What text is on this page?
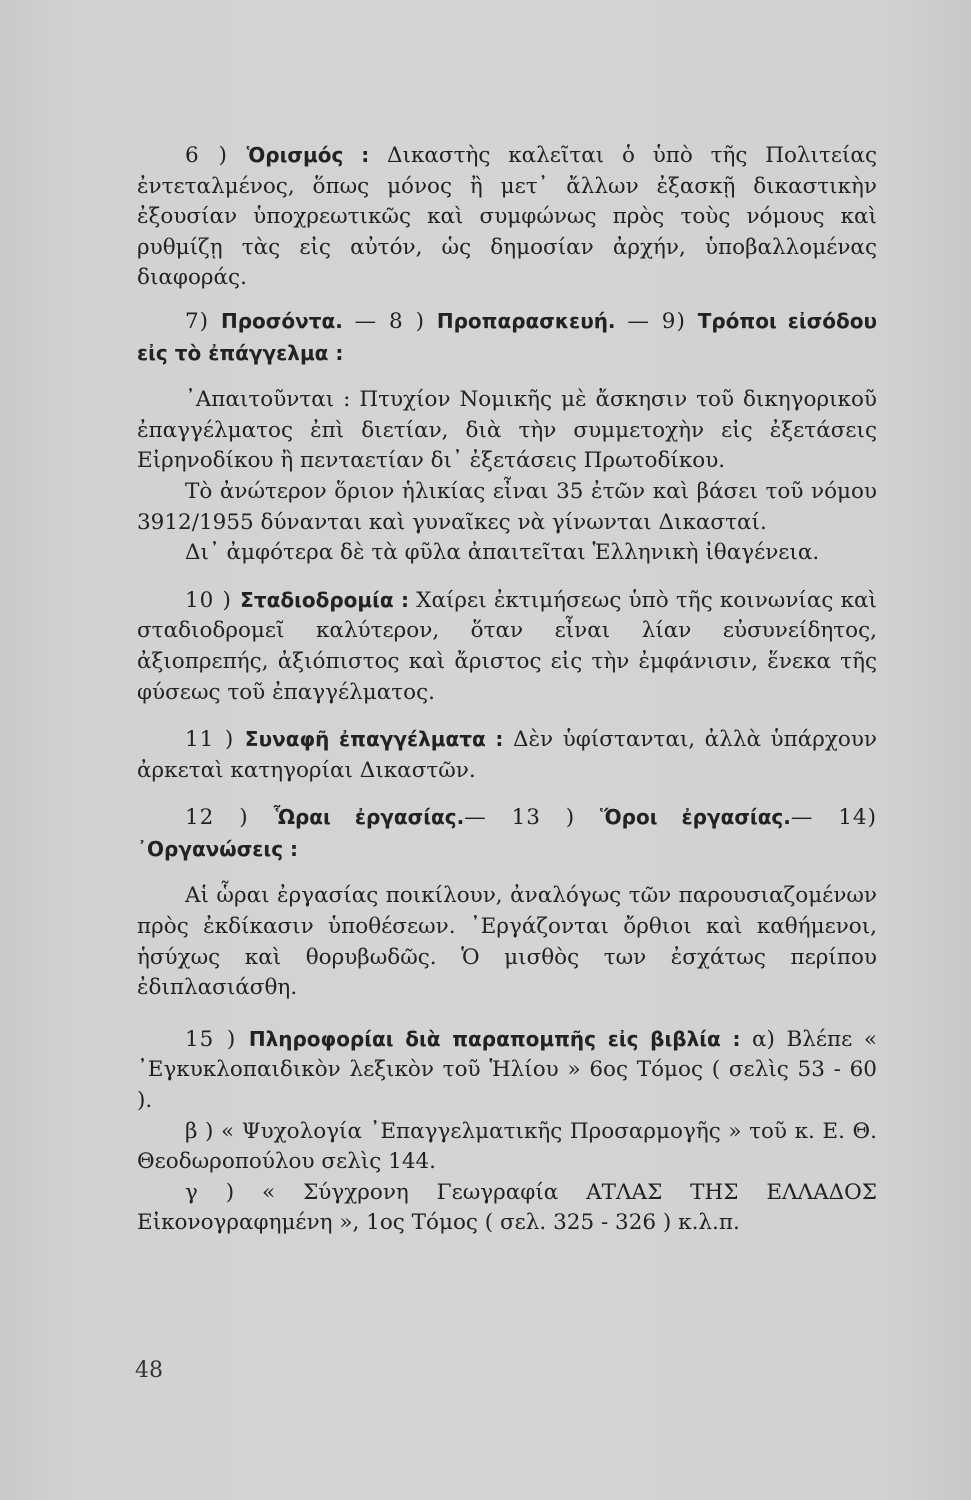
6 ) Ὁρισμός : Δικαστὴς καλεῖται ὁ ὑπὸ τῆς Πολιτείας ἐντεταλμένος, ὅπως μόνος ἢ μετ᾽ ἄλλων ἐξασκῇ δικαστικὴν ἐξουσίαν ὑποχρεωτικῶς καὶ συμφώνως πρὸς τοὺς νόμους καὶ ρυθμίζῃ τὰς εἰς αὐτόν, ὡς δημοσίαν ἀρχήν, ὑποβαλλομένας διαφοράς.

7) Προσόντα. — 8 ) Προπαρασκευή. — 9) Τρόποι εἰσόδου εἰς τὸ ἐπάγγελμα :

᾽Απαιτοῦνται : Πτυχίον Νομικῆς μὲ ἄσκησιν τοῦ δικηγορικοῦ ἐπαγγέλματος ἐπὶ διετίαν, διὰ τὴν συμμετοχὴν εἰς ἐξετάσεις Εἰρηνοδίκου ἢ πενταετίαν δι᾽ ἐξετάσεις Πρωτοδίκου.

Τὸ ἀνώτερον ὅριον ἡλικίας εἶναι 35 ἐτῶν καὶ βάσει τοῦ νόμου 3912/1955 δύνανται καὶ γυναῖκες νὰ γίνωνται Δικασταί.

Δι᾽ ἀμφότερα δὲ τὰ φῦλα ἀπαιτεῖται Ἑλληνικὴ ἰθαγένεια.

10 ) Σταδιοδρομία : Χαίρει ἐκτιμήσεως ὑπὸ τῆς κοινωνίας καὶ σταδιοδρομεῖ καλύτερον, ὅταν εἶναι λίαν εὐσυνείδητος, ἀξιοπρεπής, ἀξιόπιστος καὶ ἄριστος εἰς τὴν ἐμφάνισιν, ἕνεκα τῆς φύσεως τοῦ ἐπαγγέλματος.

11 ) Συναφῆ ἐπαγγέλματα : Δὲν ὑφίστανται, ἀλλὰ ὑπάρχουν ἀρκεταὶ κατηγορίαι Δικαστῶν.

12 ) Ὧραι ἐργασίας.— 13 ) Ὅροι ἐργασίας.— 14) ᾽Οργανώσεις :

Αἱ ὧραι ἐργασίας ποικίλουν, ἀναλόγως τῶν παρουσιαζομένων πρὸς ἐκδίκασιν ὑποθέσεων. ᾽Εργάζονται ὄρθιοι καὶ καθήμενοι, ἡσύχως καὶ θορυβωδῶς. Ὁ μισθὸς των ἐσχάτως περίπου ἐδιπλασιάσθη.

15 ) Πληροφορίαι διὰ παραπομπῆς εἰς βιβλία : α) Βλέπε « ᾽Εγκυκλοπαιδικὸν λεξικὸν τοῦ Ἡλίου » 6ος Τόμος ( σελὶς 53 - 60 ).

β ) « Ψυχολογία ᾽Επαγγελματικῆς Προσαρμογῆς » τοῦ κ. Ε. Θ. Θεοδωροπούλου σελὶς 144.

γ ) « Σύγχρονη Γεωγραφία ΑΤΛΑΣ ΤΗΣ ΕΛΛΑΔΟΣ Εἰκονογραφημένη », 1ος Τόμος ( σελ. 325 - 326 ) κ.λ.π.

48
